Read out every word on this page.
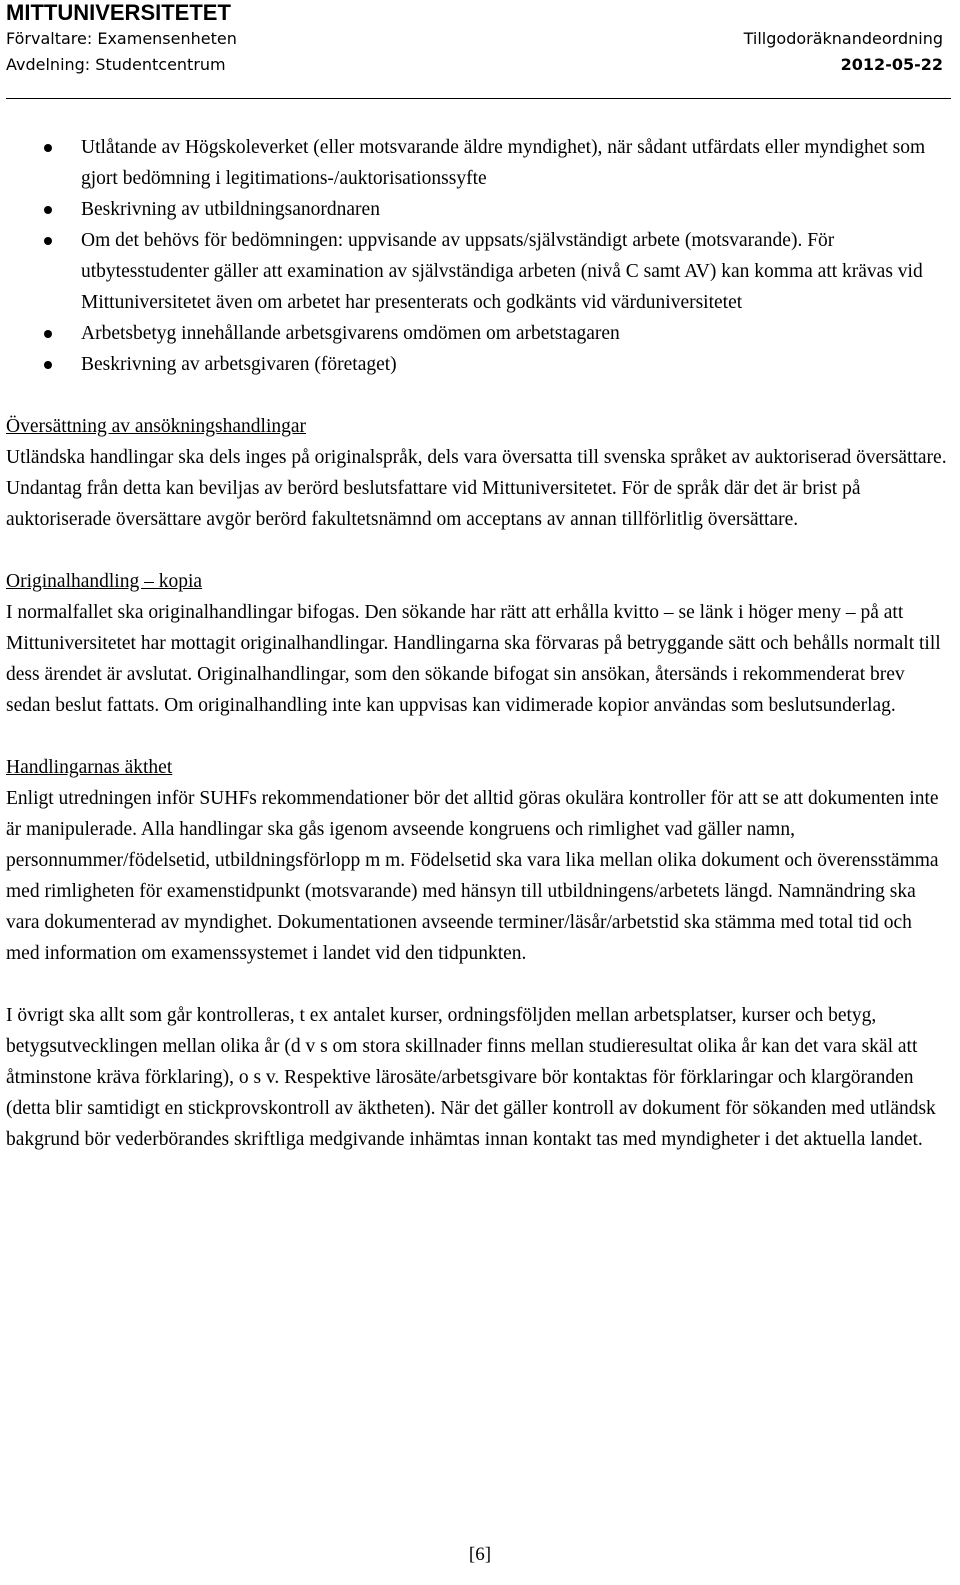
MITTUNIVERSITETET
Förvaltare: Examensenheten
Avdelning: Studentcentrum
Tillgodoräknandeordning
2012-05-22
Utlåtande av Högskoleverket (eller motsvarande äldre myndighet), när sådant utfärdats eller myndighet som gjort bedömning i legitimations-/auktorisationssyfte
Beskrivning av utbildningsanordnaren
Om det behövs för bedömningen: uppvisande av uppsats/självständigt arbete (motsvarande). För utbytesstudenter gäller att examination av självständiga arbeten (nivå C samt AV) kan komma att krävas vid Mittuniversitetet även om arbetet har presenterats och godkänts vid värduniversitetet
Arbetsbetyg innehållande arbetsgivarens omdömen om arbetstagaren
Beskrivning av arbetsgivaren (företaget)
Översättning av ansökningshandlingar

Utländska handlingar ska dels inges på originalspråk, dels vara översatta till svenska språket av auktoriserad översättare. Undantag från detta kan beviljas av berörd beslutsfattare vid Mittuniversitetet. För de språk där det är brist på auktoriserade översättare avgör berörd fakultetsnämnd om acceptans av annan tillförlitlig översättare.

Originalhandling – kopia

I normalfallet ska originalhandlingar bifogas. Den sökande har rätt att erhålla kvitto – se länk i höger meny – på att Mittuniversitetet har mottagit originalhandlingar. Handlingarna ska förvaras på betryggande sätt och behålls normalt till dess ärendet är avslutat. Originalhandlingar, som den sökande bifogat sin ansökan, återsänds i rekommenderat brev sedan beslut fattats. Om originalhandling inte kan uppvisas kan vidimerade kopior användas som beslutsunderlag.

Handlingarnas äkthet

Enligt utredningen inför SUHFs rekommendationer bör det alltid göras okulära kontroller för att se att dokumenten inte är manipulerade. Alla handlingar ska gås igenom avseende kongruens och rimlighet vad gäller namn, personnummer/födelsetid, utbildningsförlopp m m. Födelsetid ska vara lika mellan olika dokument och överensstämma med rimligheten för examenstidpunkt (motsvarande) med hänsyn till utbildningens/arbetets längd. Namnändring ska vara dokumenterad av myndighet. Dokumentationen avseende terminer/läsår/arbetstid ska stämma med total tid och med information om examenssystemet i landet vid den tidpunkten.

I övrigt ska allt som går kontrolleras, t ex antalet kurser, ordningsföljden mellan arbetsplatser, kurser och betyg, betygsutvecklingen mellan olika år (d v s om stora skillnader finns mellan studieresultat olika år kan det vara skäl att åtminstone kräva förklaring), o s v. Respektive lärosäte/arbetsgivare bör kontaktas för förklaringar och klargöranden (detta blir samtidigt en stickprovskontroll av äktheten). När det gäller kontroll av dokument för sökanden med utländsk bakgrund bör vederbörandes skriftliga medgivande inhämtas innan kontakt tas med myndigheter i det aktuella landet.

[6]
